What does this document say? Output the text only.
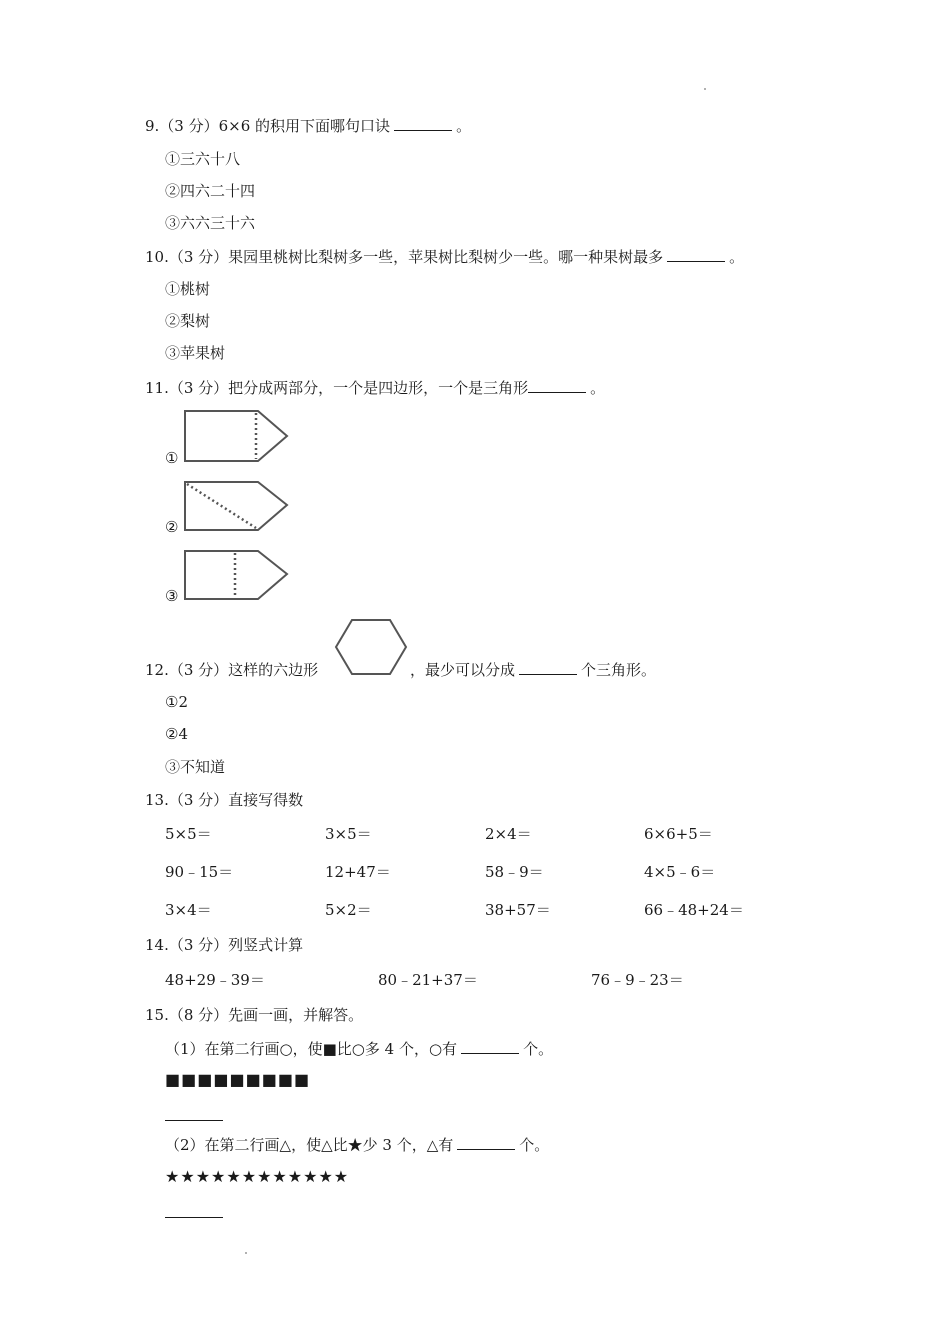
9.（3 分）6×6 的积用下面哪句口诀	。
①三六十八
②四六二十四
③六六三十六
10.（3 分）果园里桃树比梨树多一些，苹果树比梨树少一些。哪一种果树最多	。
①桃树
②梨树
③苹果树
11.（3 分）把分成两部分，一个是四边形，一个是三角形	。
①
②
③
12.（3 分）这样的六边形	，最少可以分成	个三角形。
①2
②4
③不知道
13.（3 分）直接写得数
5×5＝	3×5＝	2×4＝	6×6+5＝
90﹣15＝	12+47＝	58﹣9＝	4×5﹣6＝
3×4＝	5×2＝	38+57＝	66﹣48+24＝
14.（3 分）列竖式计算
48+29﹣39＝	80﹣21+37＝	76﹣9﹣23＝
15.（8 分）先画一画，并解答。
（1）在第二行画○，使■比○多 4 个，○有	个。
■■■■■■■■■
（2）在第二行画△，使△比★少 3 个，△有	个。
★★★★★★★★★★★★
